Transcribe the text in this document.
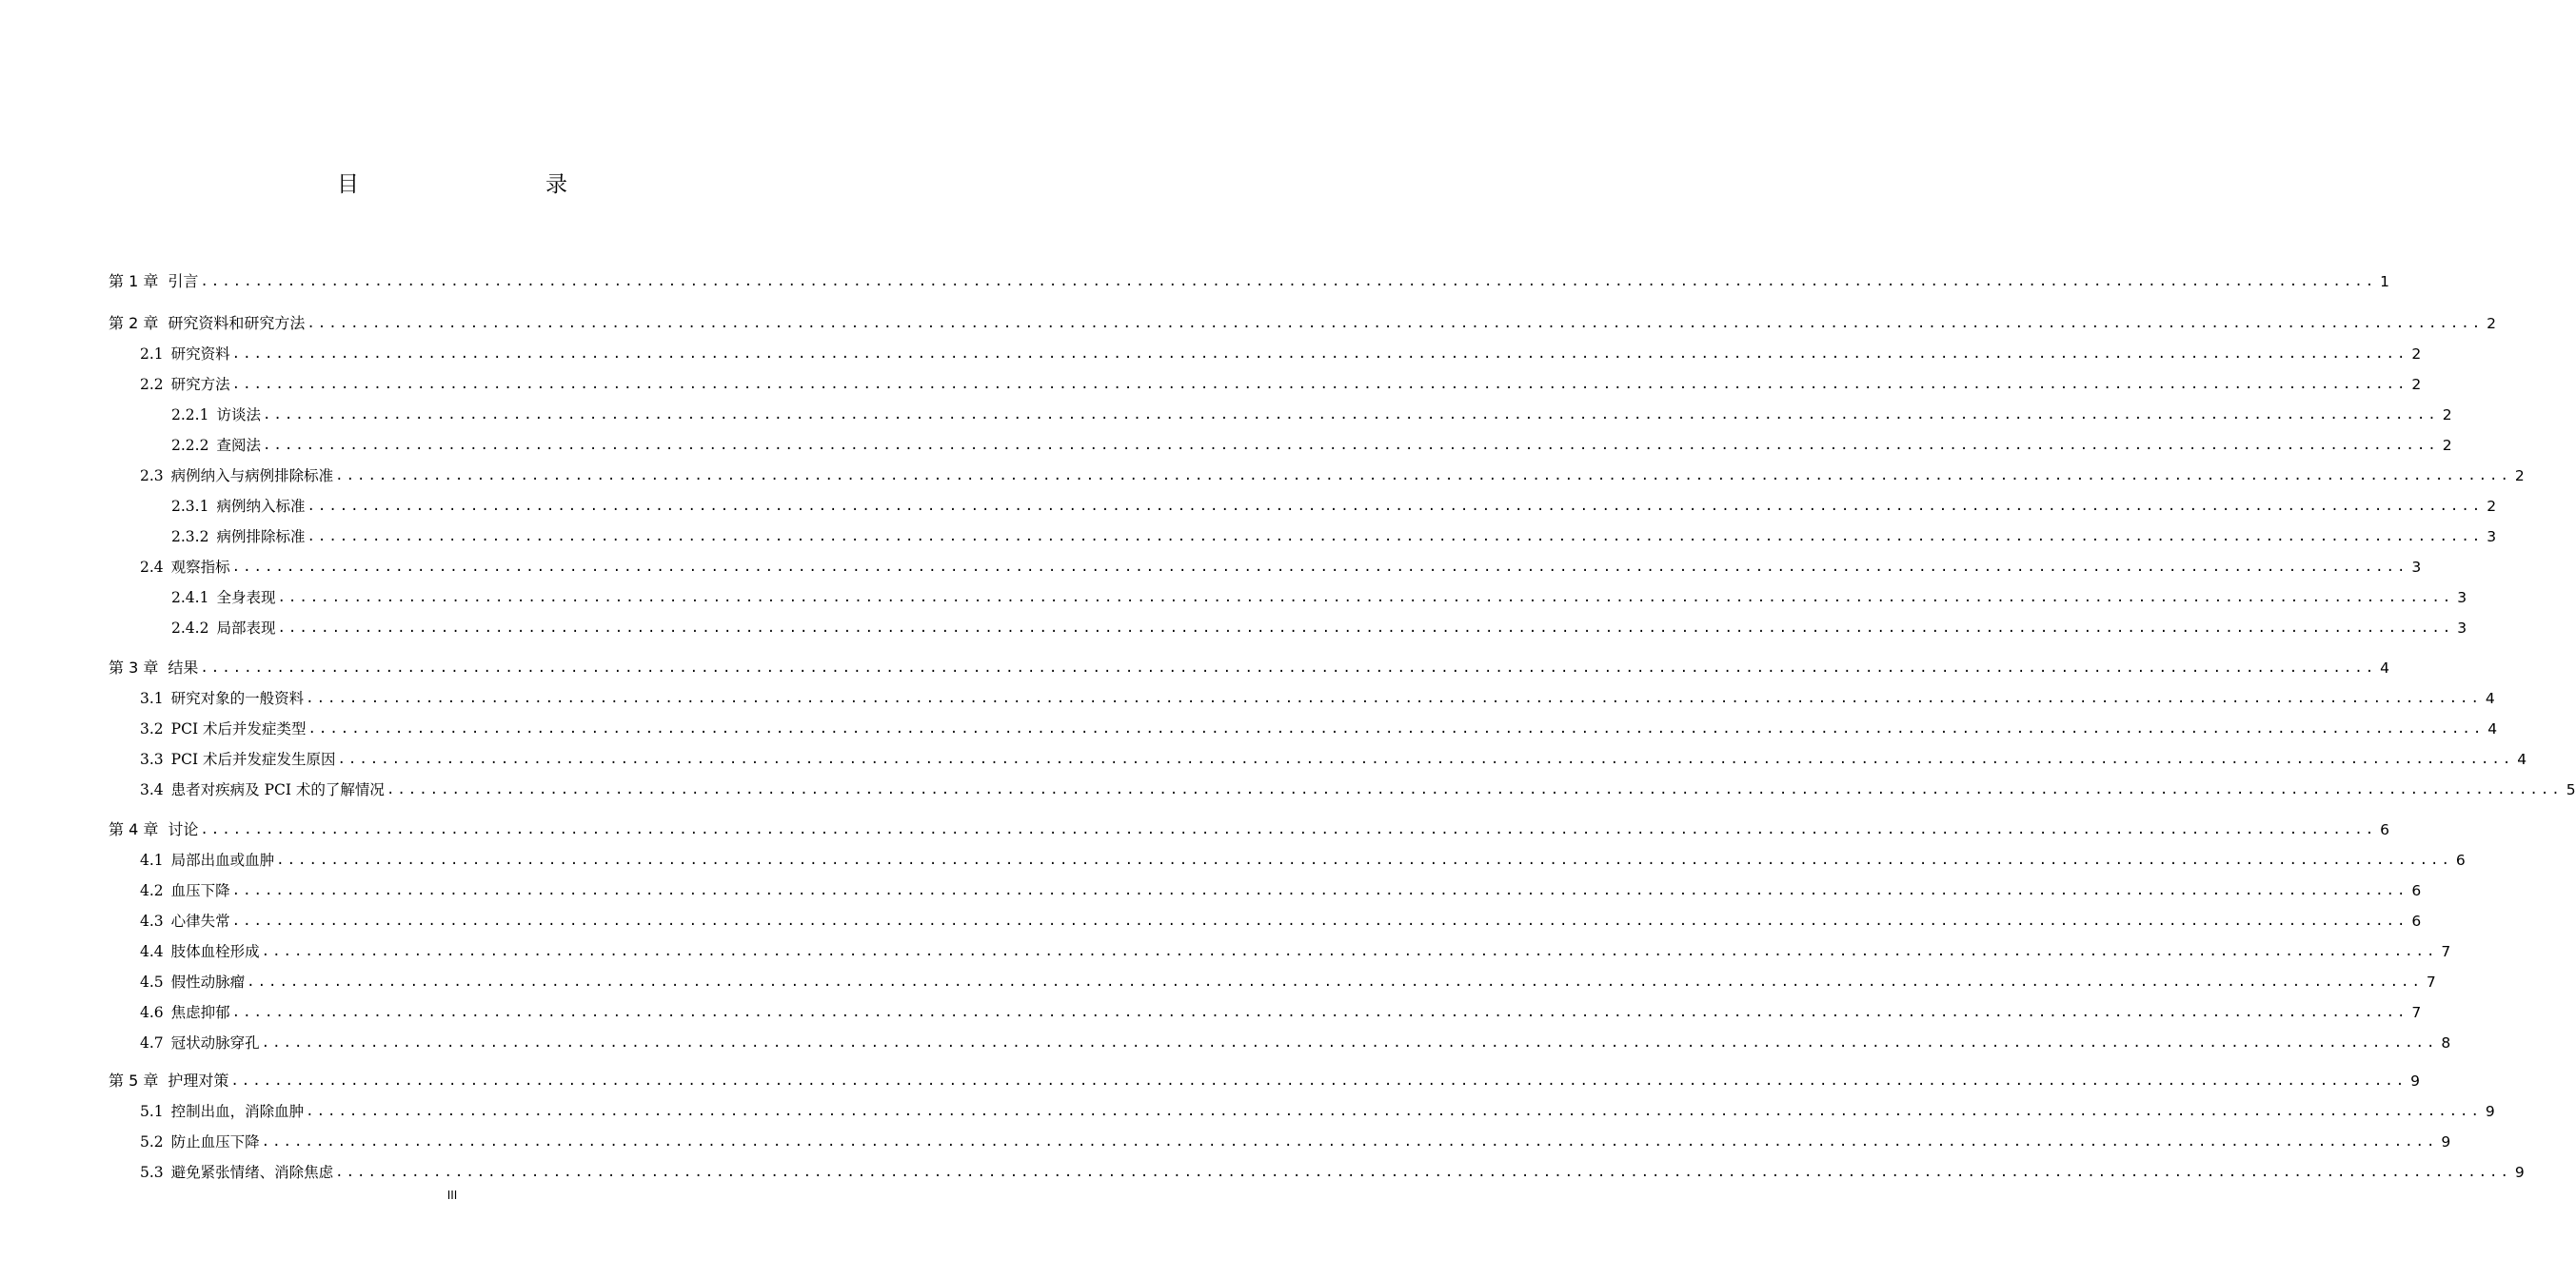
目　　录
第 1 章 引言 ........................................................................................................................................................................................................ 1
第 2 章 研究资料和研究方法 ........................................................................................................................................................................................................ 2
2.1 研究资料 ........................................................................................................................................................................................................ 2
2.2 研究方法 ........................................................................................................................................................................................................ 2
2.2.1 访谈法 ........................................................................................................................................................................................................ 2
2.2.2 查阅法 ........................................................................................................................................................................................................ 2
2.3 病例纳入与病例排除标准 ........................................................................................................................................................................................................ 2
2.3.1 病例纳入标准 ........................................................................................................................................................................................................ 2
2.3.2 病例排除标准 ........................................................................................................................................................................................................ 3
2.4 观察指标 ........................................................................................................................................................................................................ 3
2.4.1 全身表现 ........................................................................................................................................................................................................ 3
2.4.2 局部表现 ........................................................................................................................................................................................................ 3
第 3 章 结果 ........................................................................................................................................................................................................ 4
3.1 研究对象的一般资料 ........................................................................................................................................................................................................ 4
3.2 PCI 术后并发症类型 ........................................................................................................................................................................................................ 4
3.3 PCI 术后并发症发生原因 ........................................................................................................................................................................................................ 4
3.4 患者对疾病及 PCI 术的了解情况 ........................................................................................................................................................................................................ 5
第 4 章 讨论 ........................................................................................................................................................................................................ 6
4.1 局部出血或血肿 ........................................................................................................................................................................................................ 6
4.2 血压下降 ........................................................................................................................................................................................................ 6
4.3 心律失常 ........................................................................................................................................................................................................ 6
4.4 肢体血栓形成 ........................................................................................................................................................................................................ 7
4.5 假性动脉瘤 ........................................................................................................................................................................................................ 7
4.6 焦虑抑郁 ........................................................................................................................................................................................................ 7
4.7 冠状动脉穿孔 ........................................................................................................................................................................................................ 8
第 5 章 护理对策 ........................................................................................................................................................................................................ 9
5.1 控制出血，消除血肿 ........................................................................................................................................................................................................ 9
5.2 防止血压下降 ........................................................................................................................................................................................................ 9
5.3 避免紧张情绪、消除焦虑 ........................................................................................................................................................................................................ 9
III
